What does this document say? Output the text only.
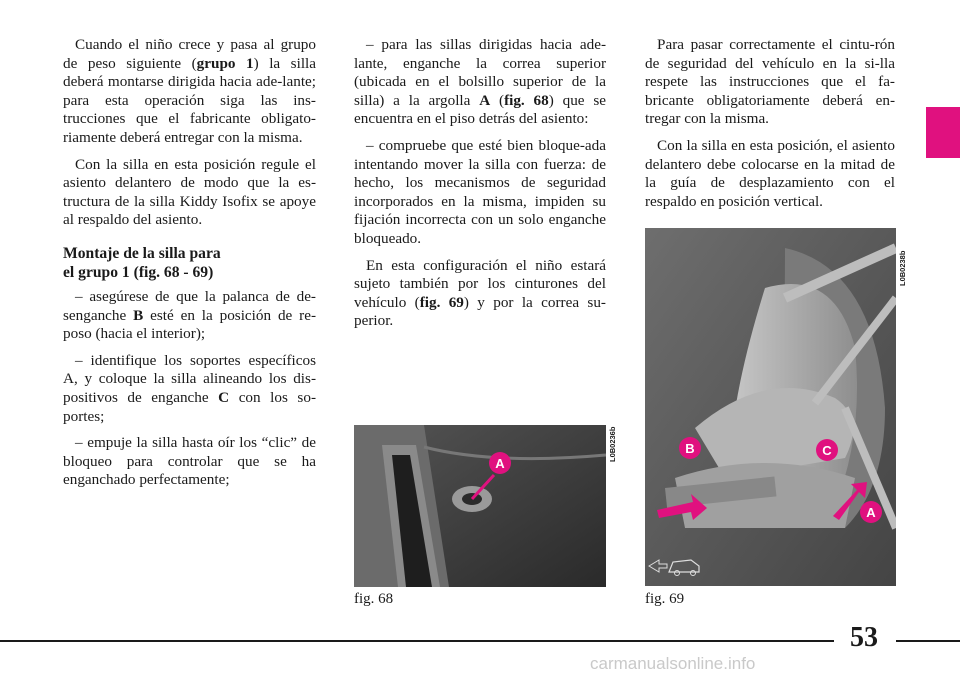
Cuando el niño crece y pasa al grupo de peso siguiente (grupo 1) la silla deberá montarse dirigida hacia ade-lante; para esta operación siga las ins-trucciones que el fabricante obligato-riamente deberá entregar con la misma.

Con la silla en esta posición regule el asiento delantero de modo que la es-tructura de la silla Kiddy Isofix se apoye al respaldo del asiento.

Montaje de la silla para
el grupo 1 (fig. 68 - 69)

– asegúrese de que la palanca de de-senganche B esté en la posición de re-poso (hacia el interior);

– identifique los soportes específicos A, y coloque la silla alineando los dis-positivos de enganche C con los so-portes;

– empuje la silla hasta oír los “clic” de bloqueo para controlar que se ha enganchado perfectamente;

– para las sillas dirigidas hacia ade-lante, enganche la correa superior (ubicada en el bolsillo superior de la silla) a la argolla A (fig. 68) que se encuentra en el piso detrás del asiento:

– compruebe que esté bien bloque-ada intentando mover la silla con fuerza: de hecho, los mecanismos de seguridad incorporados en la misma, impiden su fijación incorrecta con un solo enganche bloqueado.

En esta configuración el niño estará sujeto también por los cinturones del vehículo (fig. 69) y por la correa su-perior.

Para pasar correctamente el cintu-rón de seguridad del vehículo en la si-lla respete las instrucciones que el fa-bricante obligatoriamente deberá en-tregar con la misma.

Con la silla en esta posición, el asiento delantero debe colocarse en la mitad de la guía de desplazamiento con el respaldo en posición vertical.

A
L0B0236b
fig. 68
B	C
A
L0B0238b
fig. 69
53
carmanualsonline.info
